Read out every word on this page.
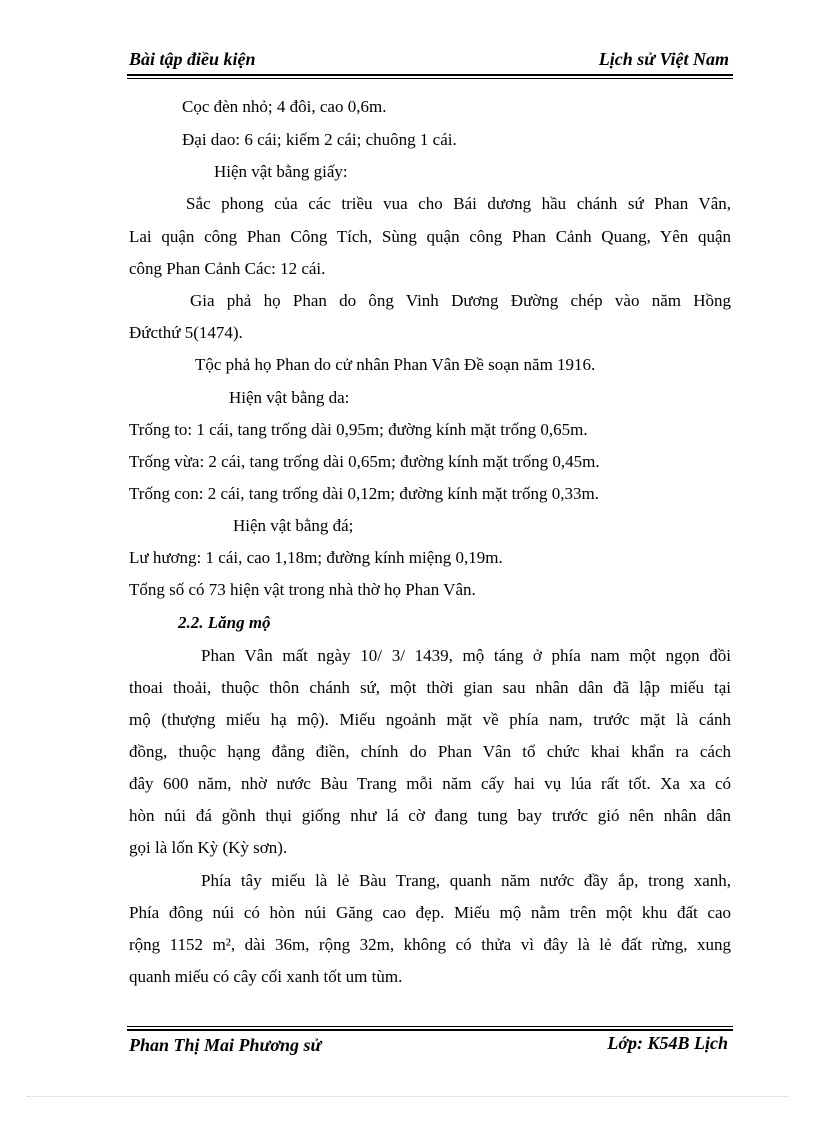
Bài tập điều kiện	Lịch sử Việt Nam
Cọc đèn nhỏ; 4 đôi, cao 0,6m.
Đại dao: 6 cái; kiếm 2 cái; chuông 1 cái.
Hiện vật bằng giấy:
Sắc phong của các triều vua cho Bái dương hầu chánh sứ Phan Vân,
Lai quận công Phan Công Tích, Sùng quận công Phan Cảnh Quang, Yên quận
công Phan Cảnh Các: 12 cái.
Gia phả họ Phan do ông Vinh Dương Đường chép vào năm Hồng
Đứcthứ 5(1474).
Tộc phả họ Phan do cử nhân Phan Vân Đề soạn năm 1916.
Hiện vật bằng da:
Trống to: 1 cái, tang trống dài 0,95m; đường kính mặt trống 0,65m.
Trống vừa: 2 cái, tang trống dài 0,65m; đường kính mặt trống 0,45m.
Trống con: 2 cái, tang trống dài 0,12m; đường kính mặt trống 0,33m.
Hiện vật bằng đá;
Lư hương: 1 cái, cao 1,18m; đường kính miệng 0,19m.
Tổng số có 73 hiện vật trong nhà thờ họ Phan Vân.
2.2. Lăng mộ
Phan Vân mất ngày 10/ 3/ 1439, mộ táng ở phía nam một ngọn đồi
thoai thoải, thuộc thôn chánh sứ, một thời gian sau nhân dân đã lập miếu tại
mộ (thượng miếu hạ mộ). Miếu ngoảnh mặt về phía nam, trước mặt là cánh
đồng, thuộc hạng đẳng điền, chính do Phan Vân tổ chức khai khẩn ra cách
đây 600 năm, nhờ nước Bàu Trang mỗi năm cấy hai vụ lúa rất tốt. Xa xa có
hòn núi đá gồnh thụi giống như lá cờ đang tung bay trước gió nên nhân dân
gọi là lốn Kỳ (Kỳ sơn).
Phía tây miếu là lẻ Bàu Trang, quanh năm nước đầy ắp, trong xanh,
Phía đông núi có hòn núi Găng cao đẹp. Miếu mộ nằm trên một khu đất cao
rộng 1152 m², dài 36m, rộng 32m, không có thửa vì đây là lẻ đất rừng, xung
quanh miếu có cây cối xanh tốt um tùm.
Phan Thị Mai Phương sử	Lớp: K54B Lịch
